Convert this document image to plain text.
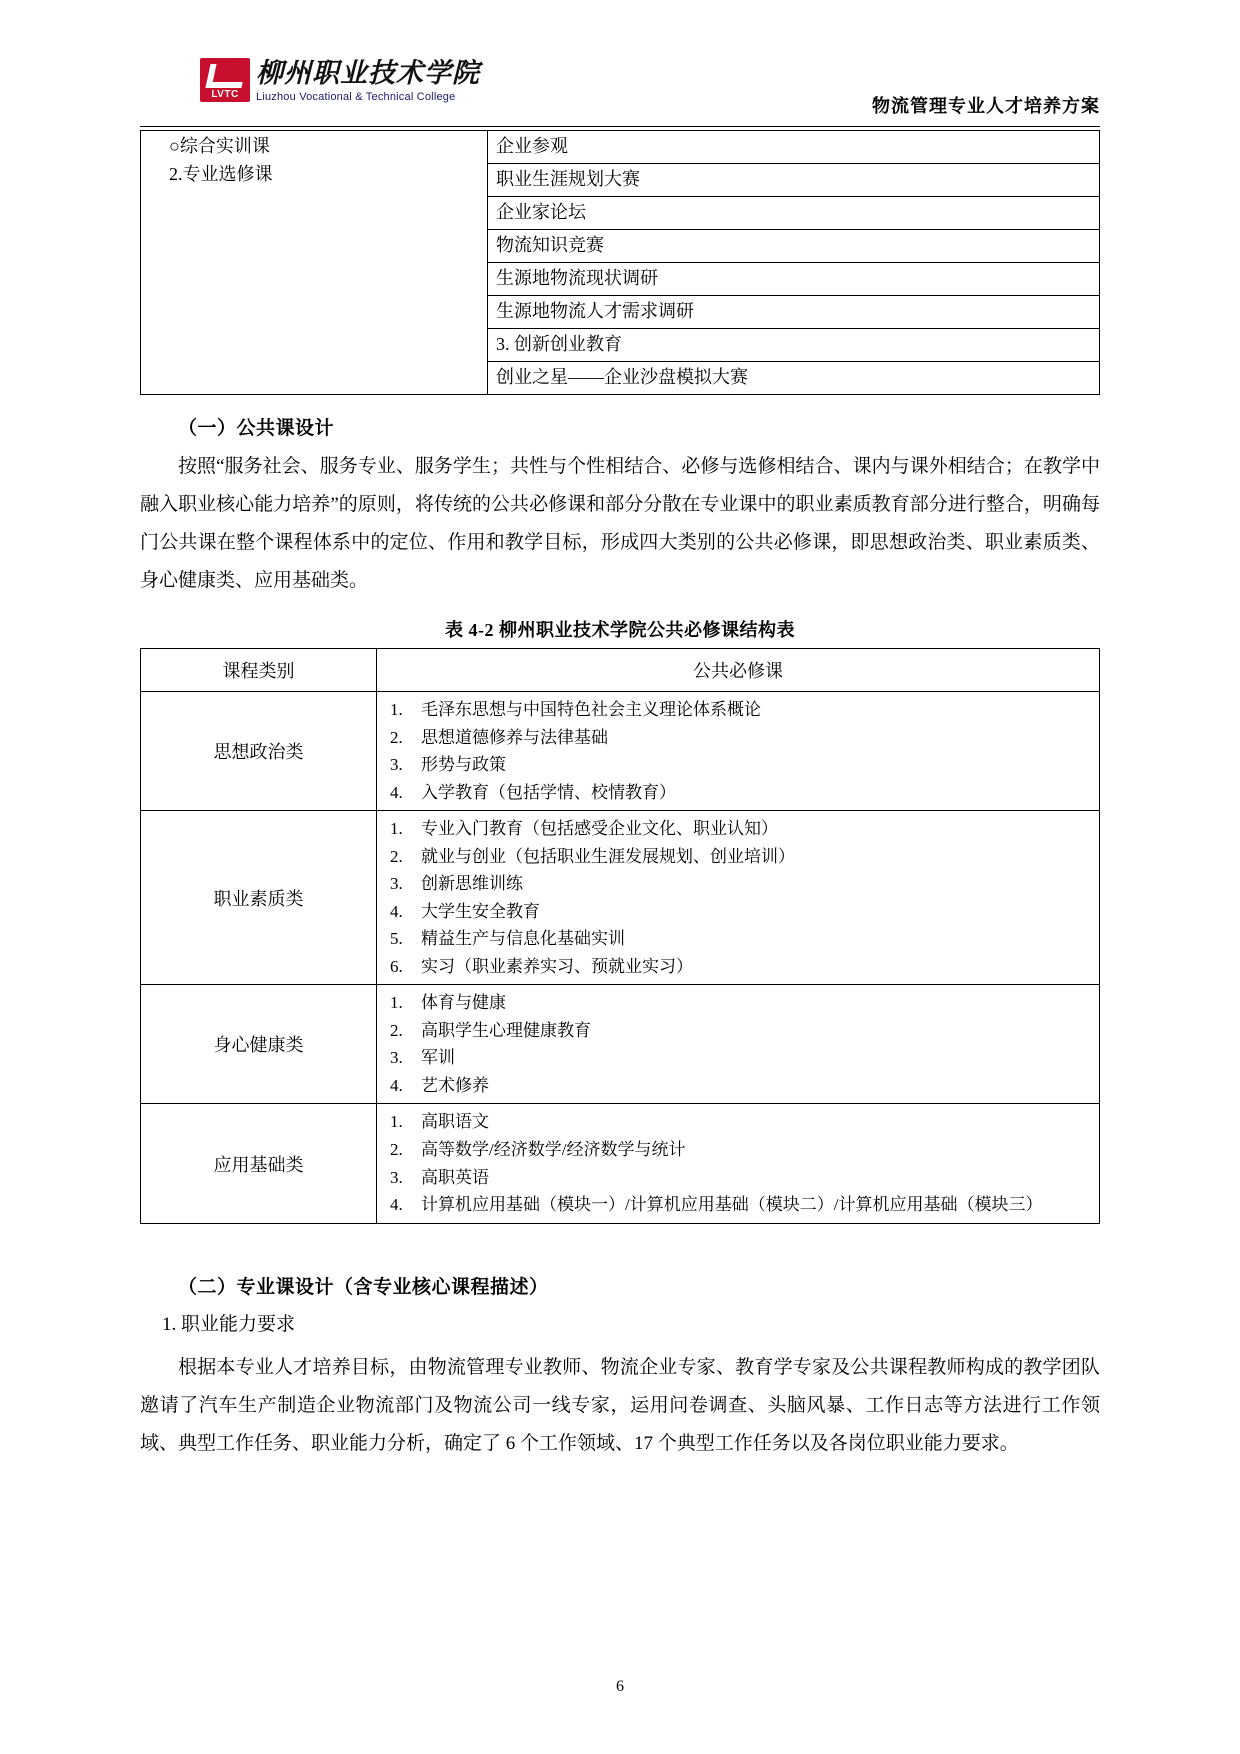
LVTC
柳州职业技术学院
Liuzhou Vocational & Technical College	物流管理专业人才培养方案
○综合实训课
2.专业选修课
	企业参观
职业生涯规划大赛
企业家论坛
物流知识竞赛
生源地物流现状调研
生源地物流人才需求调研
3. 创新创业教育
创业之星——企业沙盘模拟大赛
（一）公共课设计

按照“服务社会、服务专业、服务学生；共性与个性相结合、必修与选修相结合、课内与课外相结合；在教学中融入职业核心能力培养”的原则，将传统的公共必修课和部分分散在专业课中的职业素质教育部分进行整合，明确每门公共课在整个课程体系中的定位、作用和教学目标，形成四大类别的公共必修课，即思想政治类、职业素质类、身心健康类、应用基础类。

表 4-2 柳州职业技术学院公共必修课结构表
课程类别	公共必修课
思想政治类	
1. 毛泽东思想与中国特色社会主义理论体系概论
2. 思想道德修养与法律基础
3. 形势与政策
4. 入学教育（包括学情、校情教育）

职业素质类	
1. 专业入门教育（包括感受企业文化、职业认知）
2. 就业与创业（包括职业生涯发展规划、创业培训）
3. 创新思维训练
4. 大学生安全教育
5. 精益生产与信息化基础实训
6. 实习（职业素养实习、预就业实习）

身心健康类	
1. 体育与健康
2. 高职学生心理健康教育
3. 军训
4. 艺术修养

应用基础类	
1. 高职语文
2. 高等数学/经济数学/经济数学与统计
3. 高职英语
4. 计算机应用基础（模块一）/计算机应用基础（模块二）/计算机应用基础（模块三）
（二）专业课设计（含专业核心课程描述）

1. 职业能力要求

根据本专业人才培养目标，由物流管理专业教师、物流企业专家、教育学专家及公共课程教师构成的教学团队邀请了汽车生产制造企业物流部门及物流公司一线专家，运用问卷调查、头脑风暴、工作日志等方法进行工作领域、典型工作任务、职业能力分析，确定了 6 个工作领域、17 个典型工作任务以及各岗位职业能力要求。

6
